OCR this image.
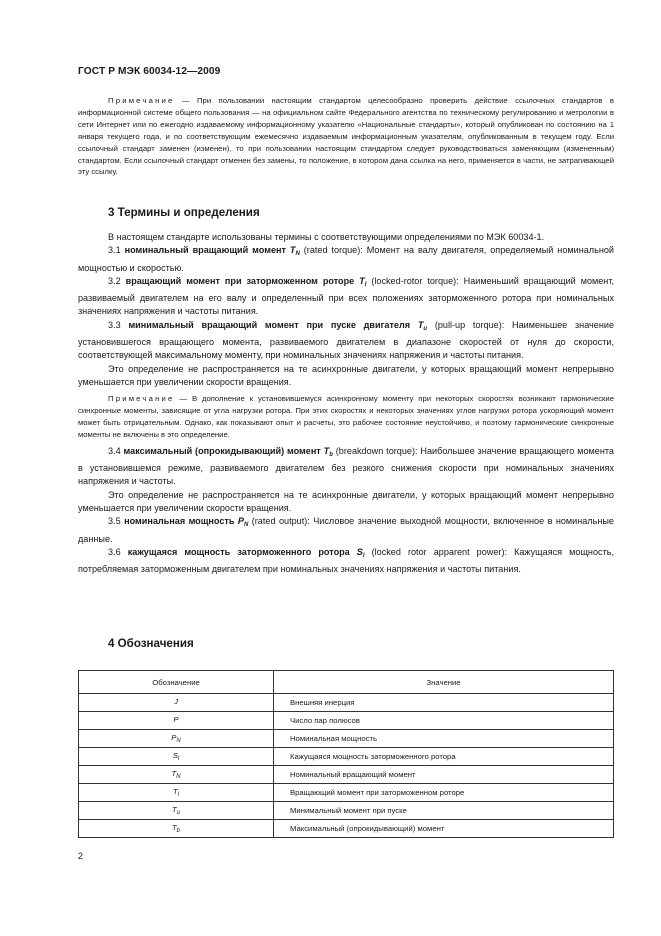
ГОСТ Р МЭК 60034-12—2009

Примечание — При пользовании настоящим стандартом целесообразно проверить действие ссылочных стандартов в информационной системе общего пользования — на официальном сайте Федерального агентства по техническому регулированию и метрологии в сети Интернет или по ежегодно издаваемому информационному указателю «Национальные стандарты», который опубликован по состоянию на 1 января текущего года, и по соответствующим ежемесячно издаваемым информационным указателям, опубликованным в текущем году. Если ссылочный стандарт заменен (изменен), то при пользовании настоящим стандартом следует руководствоваться заменяющим (измененным) стандартом. Если ссылочный стандарт отменен без замены, то положение, в котором дана ссылка на него, применяется в части, не затрагивающей эту ссылку.

3 Термины и определения

В настоящем стандарте использованы термины с соответствующими определениями по МЭК 60034-1.

3.1 номинальный вращающий момент $T_N$ (rated torque): Момент на валу двигателя, определяемый номинальной мощностью и скоростью.

3.2 вращающий момент при заторможенном роторе $T_l$ (locked-rotor torque): Наименьший вращающий момент, развиваемый двигателем на его валу и определенный при всех положениях заторможенного ротора при номинальных значениях напряжения и частоты питания.

3.3 минимальный вращающий момент при пуске двигателя $T_u$ (pull-up torque): Наименьшее значение установившегося вращающего момента, развиваемого двигателем в диапазоне скоростей от нуля до скорости, соответствующей максимальному моменту, при номинальных значениях напряжения и частоты питания.

Это определение не распространяется на те асинхронные двигатели, у которых вращающий момент непрерывно уменьшается при увеличении скорости вращения.

Примечание — В дополнение к установившемуся асинхронному моменту при некоторых скоростях возникают гармонические синхронные моменты, зависящие от угла нагрузки ротора. При этих скоростях и некоторых значениях углов нагрузки ротора ускоряющий момент может быть отрицательным. Однако, как показывают опыт и расчеты, это рабочее состояние неустойчиво, и поэтому гармонические синхронные моменты не включены в это определение.

3.4 максимальный (опрокидывающий) момент $T_b$ (breakdown torque): Наибольшее значение вращающего момента в установившемся режиме, развиваемого двигателем без резкого снижения скорости при номинальных значениях напряжения и частоты.

Это определение не распространяется на те асинхронные двигатели, у которых вращающий момент непрерывно уменьшается при увеличении скорости вращения.

3.5 номинальная мощность $P_N$ (rated output): Числовое значение выходной мощности, включенное в номинальные данные.

3.6 кажущаяся мощность заторможенного ротора $S_l$ (locked rotor apparent power): Кажущаяся мощность, потребляемая заторможенным двигателем при номинальных значениях напряжения и частоты питания.

4 Обозначения
Обозначение	Значение
J	Внешняя инерция
P	Число пар полюсов
$P_N$	Номинальная мощность
$S_l$	Кажущаяся мощность заторможенного ротора
$T_N$	Номинальный вращающий момент
$T_l$	Вращающий момент при заторможенном роторе
$T_u$	Минимальный момент при пуске
$T_b$	Максимальный (опрокидывающий) момент
2
